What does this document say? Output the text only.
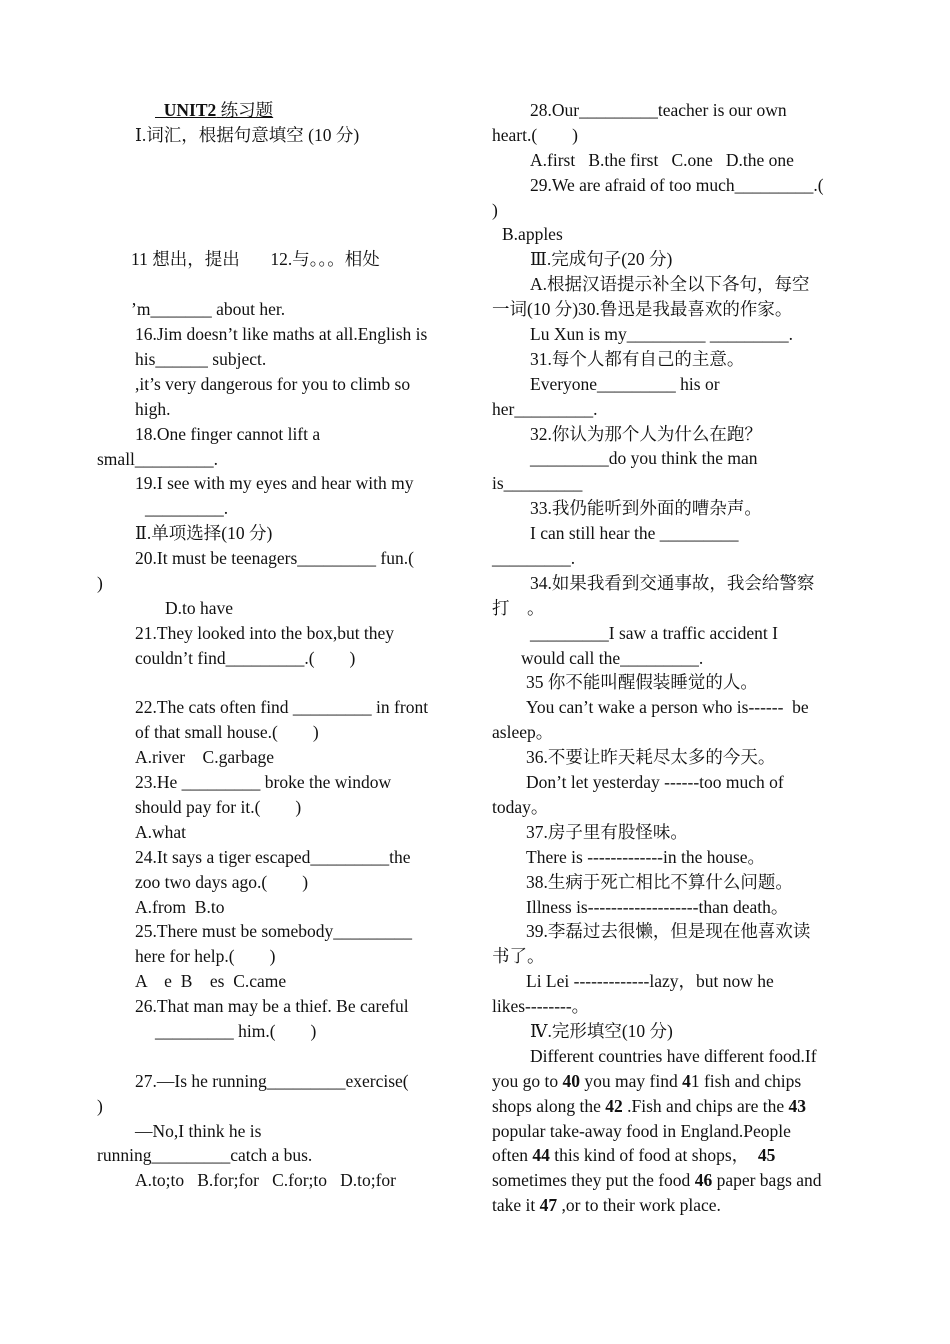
UNIT2 练习题
Ⅰ.词汇，根据句意填空 (10 分)
11 想出，提出       12.与。。。相处
’m_______ about her.
16.Jim doesn’t like maths at all.English is
his______ subject.
,it’s very dangerous for you to climb so
high.
18.One finger cannot lift a
small_________.
19.I see with my eyes and hear with my
_________.
Ⅱ.单项选择(10 分)
20.It must be teenagers_________ fun.(
)
D.to have
21.They looked into the box,but they
couldn’t find_________.(        )
22.The cats often find _________ in front
of that small house.(        )
A.river    C.garbage
23.He _________ broke the window
should pay for it.(        )
A.what
24.It says a tiger escaped_________the
zoo two days ago.(        )
A.from  B.to
25.There must be somebody_________
here for help.(        )
A    e  B    es  C.came
26.That man may be a thief. Be careful
_________ him.(        )
27.—Is he running_________exercise(
)
—No,I think he is
running_________catch a bus.
A.to;to   B.for;for   C.for;to   D.to;for
28.Our_________teacher is our own
heart.(        )
A.first   B.the first   C.one   D.the one
29.We are afraid of too much_________.(
)
B.apples
Ⅲ.完成句子(20 分)
A.根据汉语提示补全以下各句，每空
一词(10 分)30.鲁迅是我最喜欢的作家。
Lu Xun is my_________ _________.
31.每个人都有自己的主意。
Everyone_________ his or
her_________.
32.你认为那个人为什么在跑？
_________do you think the man
is_________
33.我仍能听到外面的嘈杂声。
I can still hear the _________
_________.
34.如果我看到交通事故，我会给警察
打    。
_________I saw a traffic accident I
would call the_________.
35 你不能叫醒假装睡觉的人。
You can’t wake a person who is------  be
asleep。
36.不要让昨天耗尽太多的今天。
Don’t let yesterday ------too much of
today。
37.房子里有股怪味。
There is -------------in the house。
38.生病于死亡相比不算什么问题。
Illness is-------------------than death。
39.李磊过去很懒，但是现在他喜欢读
书了。
Li Lei -------------lazy，but now he
likes--------。
Ⅳ.完形填空(10 分)
Different countries have different food.If
you go to 40 you may find 41 fish and chips
shops along the 42 .Fish and chips are the 43
popular take-away food in England.People
often 44 this kind of food at shops，  45
sometimes they put the food 46 paper bags and
take it 47 ,or to their work place.
